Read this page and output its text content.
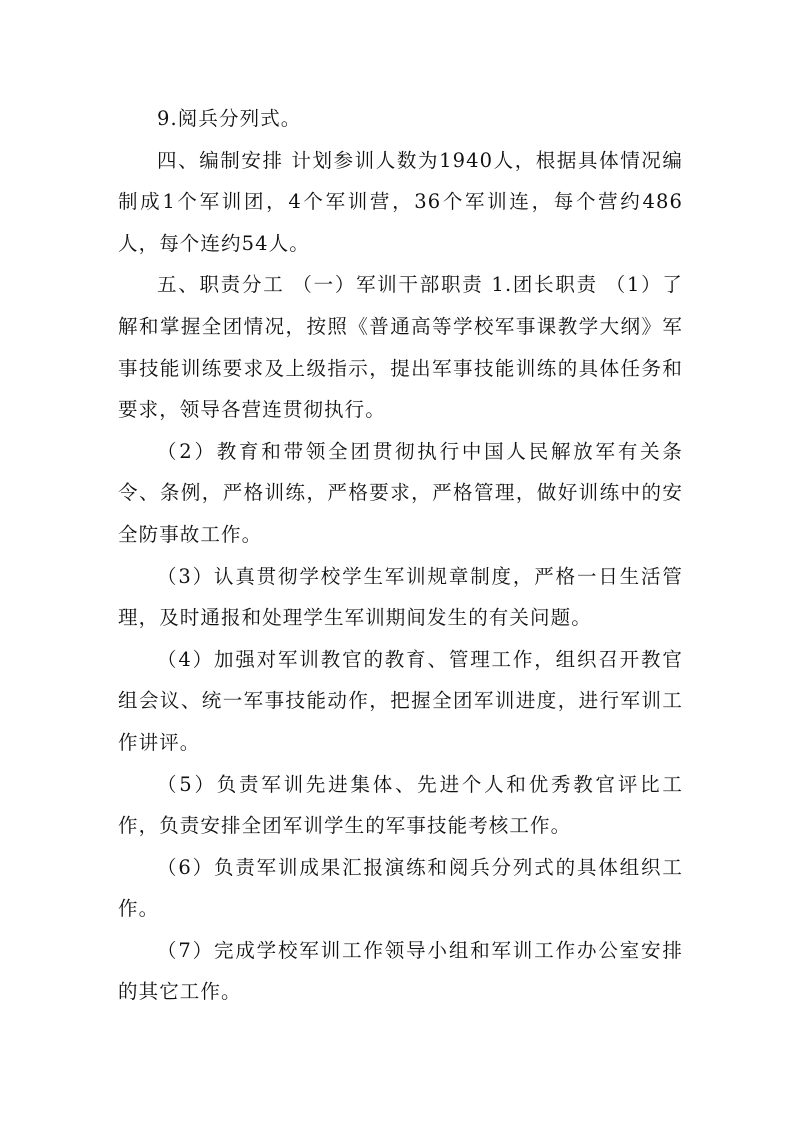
9.阅兵分列式。

四、编制安排 计划参训人数为1940人，根据具体情况编制成1个军训团，4个军训营，36个军训连，每个营约486人，每个连约54人。

五、职责分工 （一）军训干部职责 1.团长职责 （1）了解和掌握全团情况，按照《普通高等学校军事课教学大纲》军事技能训练要求及上级指示，提出军事技能训练的具体任务和要求，领导各营连贯彻执行。

（2）教育和带领全团贯彻执行中国人民解放军有关条令、条例，严格训练，严格要求，严格管理，做好训练中的安全防事故工作。

（3）认真贯彻学校学生军训规章制度，严格一日生活管理，及时通报和处理学生军训期间发生的有关问题。

（4）加强对军训教官的教育、管理工作，组织召开教官组会议、统一军事技能动作，把握全团军训进度，进行军训工作讲评。

（5）负责军训先进集体、先进个人和优秀教官评比工作，负责安排全团军训学生的军事技能考核工作。

（6）负责军训成果汇报演练和阅兵分列式的具体组织工作。

（7）完成学校军训工作领导小组和军训工作办公室安排的其它工作。
